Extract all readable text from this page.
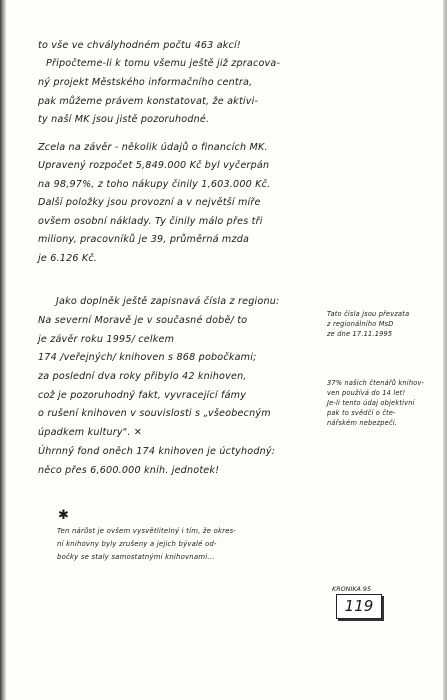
to vše ve chvályhodném počtu 463 akcí!
Připočteme-li k tomu všemu ještě již zpracova-
ný projekt Městského informačního centra,
pak můžeme právem konstatovat, že aktivi-
ty naší MK jsou jistě pozoruhodné.
Zcela na závěr - několik údajů o financích MK.
Upravený rozpočet 5,849.000 Kč byl vyčerpán
na 98,97%, z toho nákupy činily 1,603.000 Kč.
Další položky jsou provozní a v největší míře
ovšem osobní náklady. Ty činily málo přes tři
miliony, pracovníků je 39, průměrná mzda
je 6.126 Kč.
Jako doplněk ještě zapisnavá čísla z regionu:
Na severní Moravě je v současné době/ to
je závěr roku 1995/ celkem
174 /veřejných/ knihoven s 868 pobočkami;
za poslední dva roky přibylo 42 knihoven,
což je pozoruhodný fakt, vyvracející fámy
o rušení knihoven v souvislosti s „všeobecným
úpadkem kultury". ✕
Úhrnný fond oněch 174 knihoven je úctyhodný:
něco přes 6,600.000 knih. jednotek!
Tato čísla jsou převzata
z regionálního MsD
ze dne 17.11.1995
37% našich čtenářů knihov-
ven používá do 14 let!
Je-li tento údaj objektivní
pak to svědčí o čte-
nářském nebezpečí.
✱
Ten nárůst je ovšem vysvětlitelný i tím, že okres-
ní knihovny byly zrušeny a jejich bývalé od-
bočky se staly samostatnými knihovnami...
KRONIKA 95
119
